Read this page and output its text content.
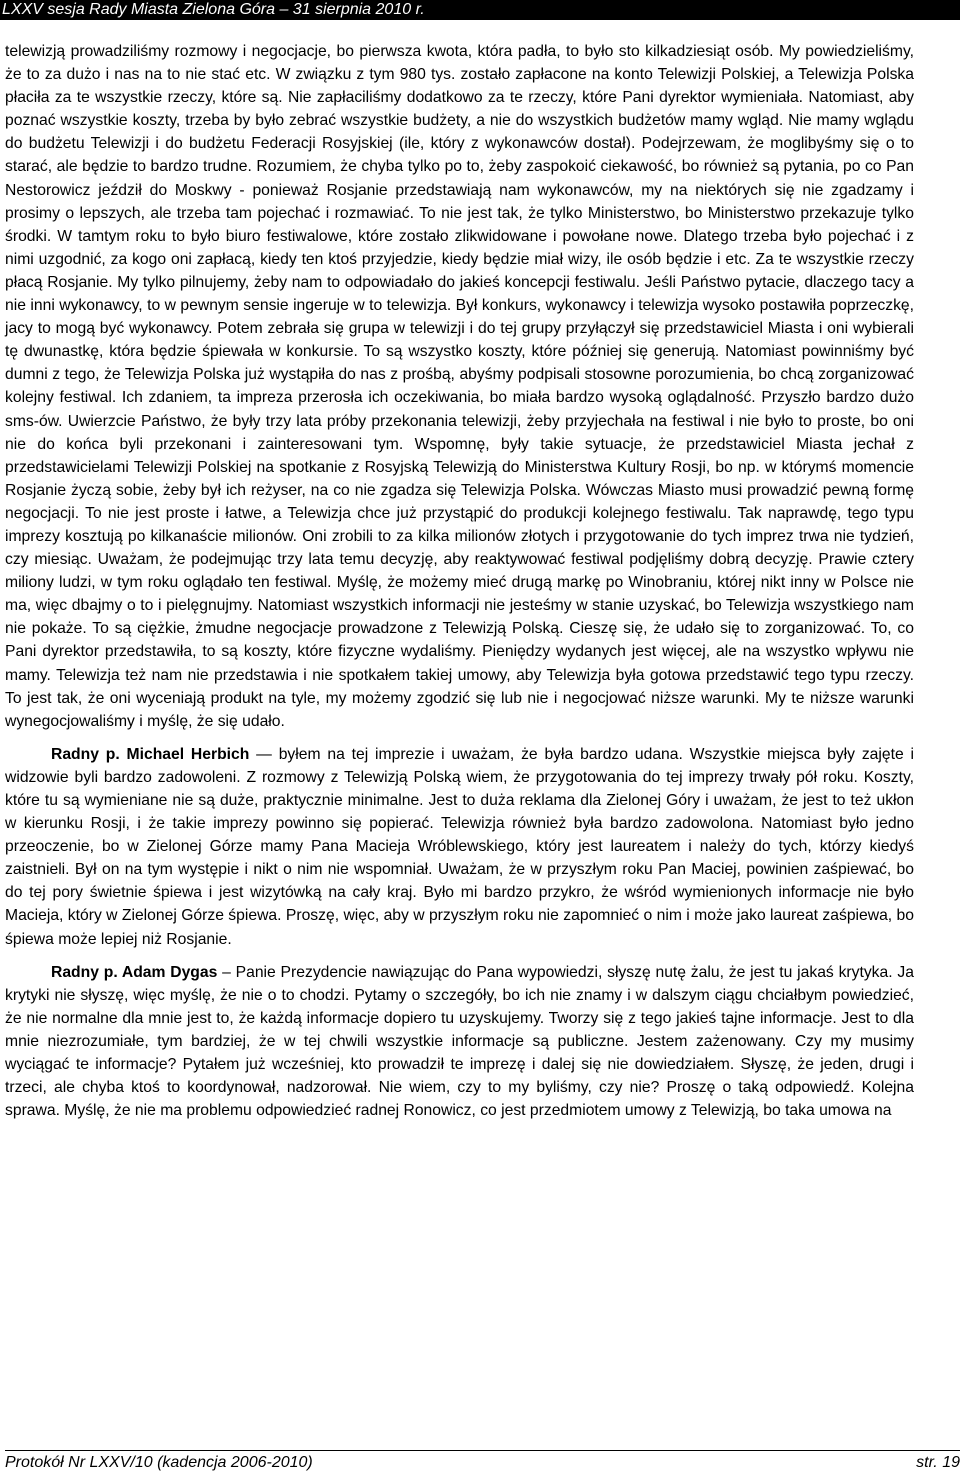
LXXV sesja Rady Miasta Zielona Góra – 31 sierpnia 2010 r.

telewizją prowadziliśmy rozmowy i negocjacje, bo pierwsza kwota, która padła, to było sto kilkadziesiąt osób. My powiedzieliśmy, że to za dużo i nas na to nie stać etc. W związku z tym 980 tys. zostało zapłacone na konto Telewizji Polskiej, a Telewizja Polska płaciła za te wszystkie rzeczy, które są. Nie zapłaciliśmy dodatkowo za te rzeczy, które Pani dyrektor wymieniała. Natomiast, aby poznać wszystkie koszty, trzeba by było zebrać wszystkie budżety, a nie do wszystkich budżetów mamy wgląd. Nie mamy wglądu do budżetu Telewizji i do budżetu Federacji Rosyjskiej (ile, który z wykonawców dostał). Podejrzewam, że moglibyśmy się o to starać, ale będzie to bardzo trudne. Rozumiem, że chyba tylko po to, żeby zaspokoić ciekawość, bo również są pytania, po co Pan Nestorowicz jeździł do Moskwy - ponieważ Rosjanie przedstawiają nam wykonawców, my na niektórych się nie zgadzamy i prosimy o lepszych, ale trzeba tam pojechać i rozmawiać. To nie jest tak, że tylko Ministerstwo, bo Ministerstwo przekazuje tylko środki. W tamtym roku to było biuro festiwalowe, które zostało zlikwidowane i powołane nowe. Dlatego trzeba było pojechać i z nimi uzgodnić, za kogo oni zapłacą, kiedy ten ktoś przyjedzie, kiedy będzie miał wizy, ile osób będzie i etc. Za te wszystkie rzeczy płacą Rosjanie. My tylko pilnujemy, żeby nam to odpowiadało do jakieś koncepcji festiwalu. Jeśli Państwo pytacie, dlaczego tacy a nie inni wykonawcy, to w pewnym sensie ingeruje w to telewizja. Był konkurs, wykonawcy i telewizja wysoko postawiła poprzeczkę, jacy to mogą być wykonawcy. Potem zebrała się grupa w telewizji i do tej grupy przyłączył się przedstawiciel Miasta i oni wybierali tę dwunastkę, która będzie śpiewała w konkursie. To są wszystko koszty, które później się generują. Natomiast powinniśmy być dumni z tego, że Telewizja Polska już wystąpiła do nas z prośbą, abyśmy podpisali stosowne porozumienia, bo chcą zorganizować kolejny festiwal. Ich zdaniem, ta impreza przerosła ich oczekiwania, bo miała bardzo wysoką oglądalność. Przyszło bardzo dużo sms-ów. Uwierzcie Państwo, że były trzy lata próby przekonania telewizji, żeby przyjechała na festiwal i nie było to proste, bo oni nie do końca byli przekonani i zainteresowani tym. Wspomnę, były takie sytuacje, że przedstawiciel Miasta jechał z przedstawicielami Telewizji Polskiej na spotkanie z Rosyjską Telewizją do Ministerstwa Kultury Rosji, bo np. w którymś momencie Rosjanie życzą sobie, żeby był ich reżyser, na co nie zgadza się Telewizja Polska. Wówczas Miasto musi prowadzić pewną formę negocjacji. To nie jest proste i łatwe, a Telewizja chce już przystąpić do produkcji kolejnego festiwalu. Tak naprawdę, tego typu imprezy kosztują po kilkanaście milionów. Oni zrobili to za kilka milionów złotych i przygotowanie do tych imprez trwa nie tydzień, czy miesiąc. Uważam, że podejmując trzy lata temu decyzję, aby reaktywować festiwal podjęliśmy dobrą decyzję. Prawie cztery miliony ludzi, w tym roku oglądało ten festiwal. Myślę, że możemy mieć drugą markę po Winobraniu, której nikt inny w Polsce nie ma, więc dbajmy o to i pielęgnujmy. Natomiast wszystkich informacji nie jesteśmy w stanie uzyskać, bo Telewizja wszystkiego nam nie pokaże. To są ciężkie, żmudne negocjacje prowadzone z Telewizją Polską. Cieszę się, że udało się to zorganizować. To, co Pani dyrektor przedstawiła, to są koszty, które fizyczne wydaliśmy. Pieniędzy wydanych jest więcej, ale na wszystko wpływu nie mamy. Telewizja też nam nie przedstawia i nie spotkałem takiej umowy, aby Telewizja była gotowa przedstawić tego typu rzeczy. To jest tak, że oni wyceniają produkt na tyle, my możemy zgodzić się lub nie i negocjować niższe warunki. My te niższe warunki wynegocjowaliśmy i myślę, że się udało.

Radny p. Michael Herbich — byłem na tej imprezie i uważam, że była bardzo udana. Wszystkie miejsca były zajęte i widzowie byli bardzo zadowoleni. Z rozmowy z Telewizją Polską wiem, że przygotowania do tej imprezy trwały pół roku. Koszty, które tu są wymieniane nie są duże, praktycznie minimalne. Jest to duża reklama dla Zielonej Góry i uważam, że jest to też ukłon w kierunku Rosji, i że takie imprezy powinno się popierać. Telewizja również była bardzo zadowolona. Natomiast było jedno przeoczenie, bo w Zielonej Górze mamy Pana Macieja Wróblewskiego, który jest laureatem i należy do tych, którzy kiedyś zaistnieli. Był on na tym występie i nikt o nim nie wspomniał. Uważam, że w przyszłym roku Pan Maciej, powinien zaśpiewać, bo do tej pory świetnie śpiewa i jest wizytówką na cały kraj. Było mi bardzo przykro, że wśród wymienionych informacje nie było Macieja, który w Zielonej Górze śpiewa. Proszę, więc, aby w przyszłym roku nie zapomnieć o nim i może jako laureat zaśpiewa, bo śpiewa może lepiej niż Rosjanie.

Radny p. Adam Dygas – Panie Prezydencie nawiązując do Pana wypowiedzi, słyszę nutę żalu, że jest tu jakaś krytyka. Ja krytyki nie słyszę, więc myślę, że nie o to chodzi. Pytamy o szczegóły, bo ich nie znamy i w dalszym ciągu chciałbym powiedzieć, że nie normalne dla mnie jest to, że każdą informacje dopiero tu uzyskujemy. Tworzy się z tego jakieś tajne informacje. Jest to dla mnie niezrozumiałe, tym bardziej, że w tej chwili wszystkie informacje są publiczne. Jestem zażenowany. Czy my musimy wyciągać te informacje? Pytałem już wcześniej, kto prowadził te imprezę i dalej się nie dowiedziałem. Słyszę, że jeden, drugi i trzeci, ale chyba ktoś to koordynował, nadzorował. Nie wiem, czy to my byliśmy, czy nie? Proszę o taką odpowiedź. Kolejna sprawa. Myślę, że nie ma problemu odpowiedzieć radnej Ronowicz, co jest przedmiotem umowy z Telewizją, bo taka umowa na

Protokół Nr LXXV/10 (kadencja 2006-2010)	str. 19
